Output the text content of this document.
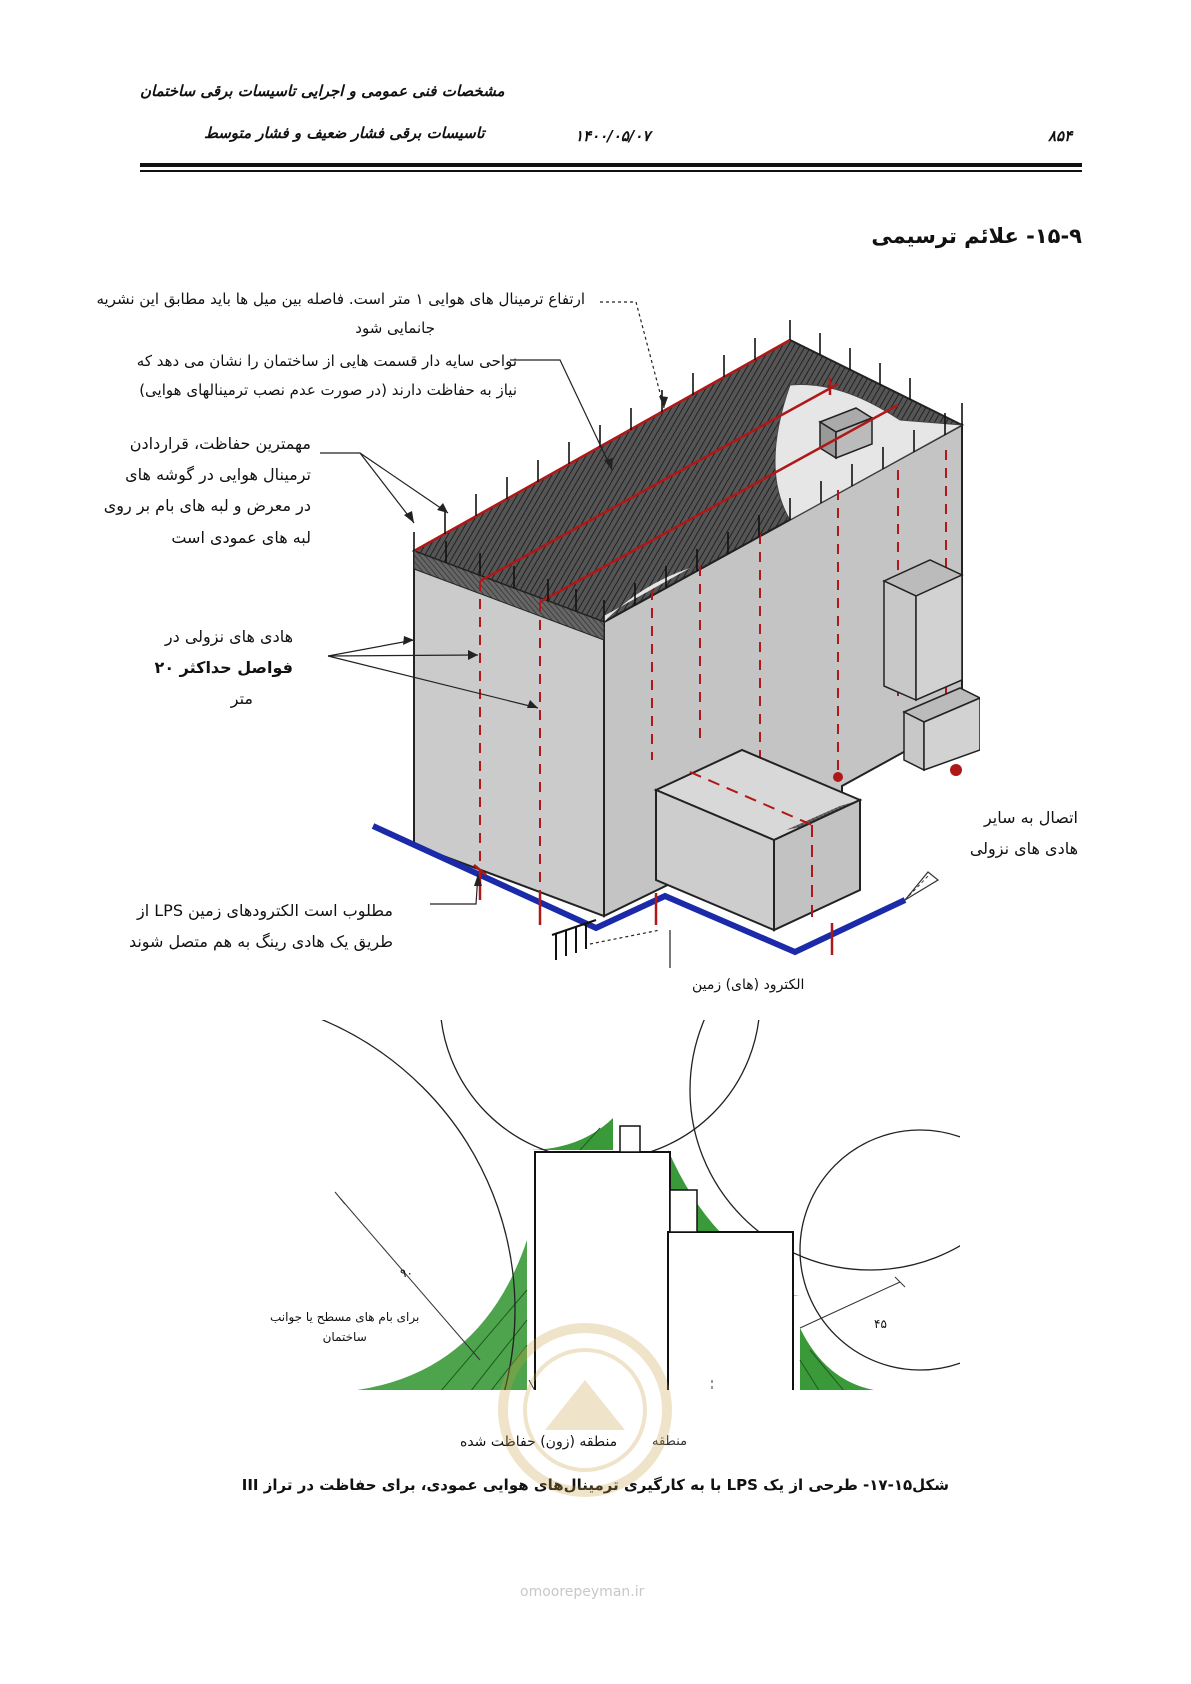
مشخصات فنی عمومی و اجرایی تاسیسات برقی ساختمان
تاسیسات برقی فشار ضعیف و فشار متوسط	۱۴۰۰/۰۵/۰۷	۸۵۴
۱۵-۹- علائم ترسیمی
ارتفاع ترمینال های هوایی ۱ متر است. فاصله بین میل ها باید مطابق این نشریه
جانمایی شود
نواحی سایه دار قسمت هایی از ساختمان را نشان می دهد که
نیاز به حفاظت دارند (در صورت عدم نصب ترمینالهای هوایی)
مهمترین حفاظت، قراردادن
ترمینال هوایی در گوشه های
در معرض و لبه های بام بر روی
لبه های عمودی است
هادی های نزولی در
فواصل حداکثر ۲۰
متر
اتصال به سایر
هادی های نزولی
مطلوب است الکترودهای زمین LPS از
طریق یک هادی رینگ به هم متصل شوند
الکترود (های) زمین
۹۰
۴۵
برای بام های مسطح یا جوانب
ساختمان
منطقه (زون) حفاظت شده	منطقه
شکل۱۵-۱۷- طرحی از یک LPS با به کارگیری ترمینال‌های هوایی عمودی، برای حفاظت در تراز III
omoorepeyman.ir
